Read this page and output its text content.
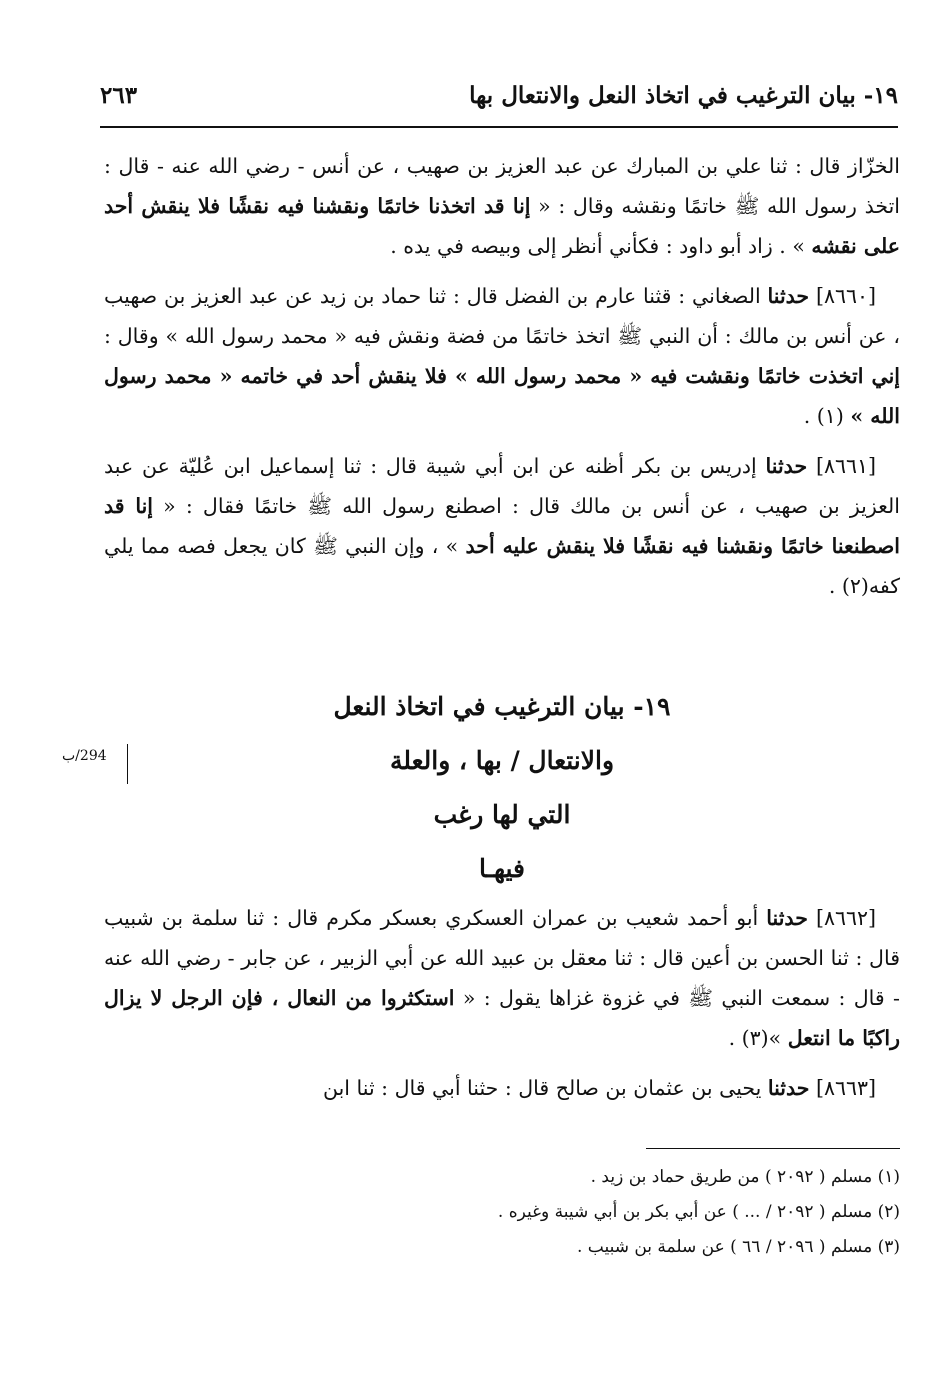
١٩- بيان الترغيب في اتخاذ النعل والانتعال بها
٢٦٣
الخزّاز قال : ثنا علي بن المبارك عن عبد العزيز بن صهيب ، عن أنس - رضي الله عنه - قال : اتخذ رسول الله ﷺ خاتمًا ونقشه وقال : « إنا قد اتخذنا خاتمًا ونقشنا فيه نقشًا فلا ينقش أحد على نقشه » . زاد أبو داود : فكأني أنظر إلى وبيصه في يده .
[٨٦٦٠] حدثنا الصغاني : قثنا عارم بن الفضل قال : ثنا حماد بن زيد عن عبد العزيز بن صهيب ، عن أنس بن مالك : أن النبي ﷺ اتخذ خاتمًا من فضة ونقش فيه « محمد رسول الله » وقال : إني اتخذت خاتمًا ونقشت فيه « محمد رسول الله » فلا ينقش أحد في خاتمه « محمد رسول الله » (١) .
[٨٦٦١] حدثنا إدريس بن بكر أظنه عن ابن أبي شيبة قال : ثنا إسماعيل ابن عُليّة عن عبد العزيز بن صهيب ، عن أنس بن مالك قال : اصطنع رسول الله ﷺ خاتمًا فقال : « إنا قد اصطنعنا خاتمًا ونقشنا فيه نقشًا فلا ينقش عليه أحد » ، وإن النبي ﷺ كان يجعل فصه مما يلي كفه(٢) .
١٩- بيان الترغيب في اتخاذ النعل
والانتعال / بها ، والعلة
التي لها رغب
فيهـا
294/ب
[٨٦٦٢] حدثنا أبو أحمد شعيب بن عمران العسكري بعسكر مكرم قال : ثنا سلمة بن شبيب قال : ثنا الحسن بن أعين قال : ثنا معقل بن عبيد الله عن أبي الزبير ، عن جابر - رضي الله عنه - قال : سمعت النبي ﷺ في غزوة غزاها يقول : « استكثروا من النعال ، فإن الرجل لا يزال راكبًا ما انتعل »(٣) .
[٨٦٦٣] حدثنا يحيى بن عثمان بن صالح قال : حثنا أبي قال : ثنا ابن
(١) مسلم ( ٢٠٩٢ ) من طريق حماد بن زيد .
(٢) مسلم ( ٢٠٩٢ / ... ) عن أبي بكر بن أبي شيبة وغيره .
(٣) مسلم ( ٢٠٩٦ / ٦٦ ) عن سلمة بن شبيب .
